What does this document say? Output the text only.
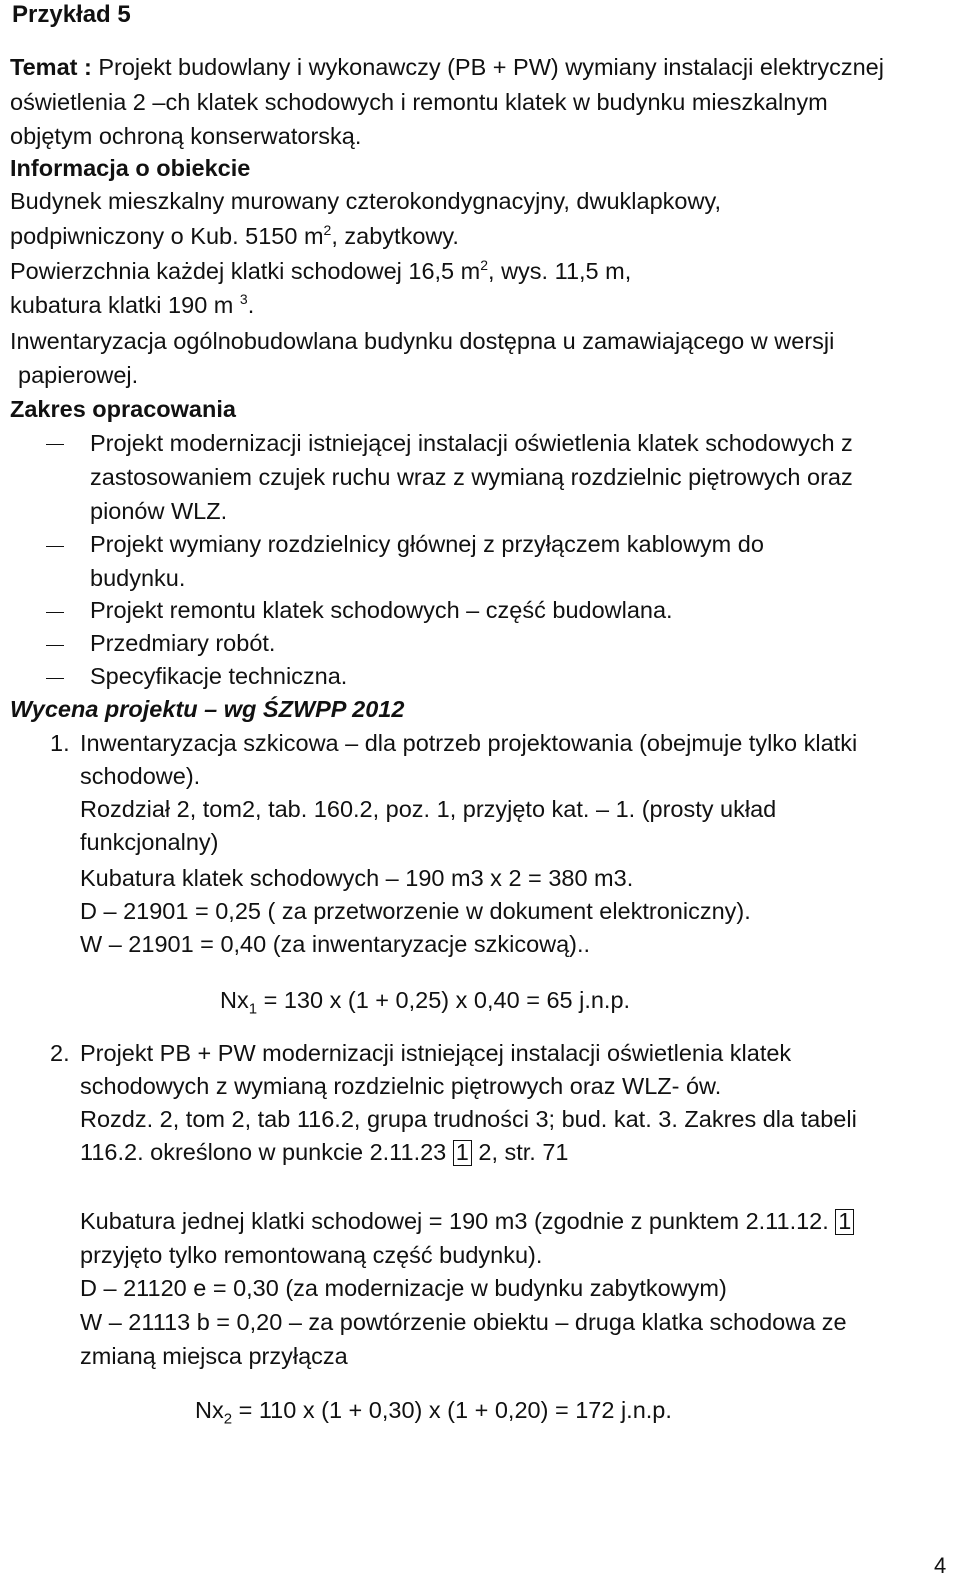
Przykład 5
Temat : Projekt budowlany i wykonawczy (PB + PW) wymiany instalacji elektrycznej
oświetlenia 2 –ch klatek schodowych i remontu klatek w budynku mieszkalnym
objętym ochroną konserwatorską.
Informacja o obiekcie
Budynek mieszkalny murowany czterokondygnacyjny, dwuklapkowy,
podpiwniczony o Kub. 5150 $m^2$, zabytkowy.
Powierzchnia każdej klatki schodowej 16,5 $m^2$, wys. 11,5 m,
kubatura klatki 190 m $^3$.
Inwentaryzacja ogólnobudowlana budynku dostępna u zamawiającego w wersji
papierowej.
Zakres opracowania
Projekt modernizacji istniejącej instalacji oświetlenia klatek schodowych z
zastosowaniem czujek ruchu wraz z wymianą rozdzielnic piętrowych oraz
pionów WLZ.
Projekt wymiany rozdzielnicy głównej z przyłączem kablowym do
budynku.
Projekt remontu klatek schodowych – część budowlana.
Przedmiary robót.
Specyfikacje techniczna.
Wycena projektu – wg ŚZWPP 2012
1. Inwentaryzacja szkicowa – dla potrzeb projektowania (obejmuje tylko klatki
schodowe).
Rozdział 2, tom2, tab. 160.2, poz. 1, przyjęto kat. – 1. (prosty układ
funkcjonalny)
Kubatura klatek schodowych – 190 m3 x 2 = 380 m3.
D – 21901 = 0,25 ( za przetworzenie w dokument elektroniczny).
W – 21901 = 0,40 (za inwentaryzacje szkicową)..
$Nx_1 = 130$ x (1 + 0,25) x 0,40 = 65 j.n.p.
2. Projekt PB + PW modernizacji istniejącej instalacji oświetlenia klatek
schodowych z wymianą rozdzielnic piętrowych oraz WLZ- ów.
Rozdz. 2, tom 2, tab 116.2, grupa trudności 3; bud. kat. 3. Zakres dla tabeli
116.2. określono w punkcie 2.11.23 1 2, str. 71
Kubatura jednej klatki schodowej = 190 m3 (zgodnie z punktem 2.11.12. 1
przyjęto tylko remontowaną część budynku).
D – 21120 e = 0,30 (za modernizacje w budynku zabytkowym)
W – 21113 b = 0,20 – za powtórzenie obiektu – druga klatka schodowa ze
zmianą miejsca przyłącza
$Nx_2 = 110$ x (1 + 0,30) x (1 + 0,20) = 172 j.n.p.
4
